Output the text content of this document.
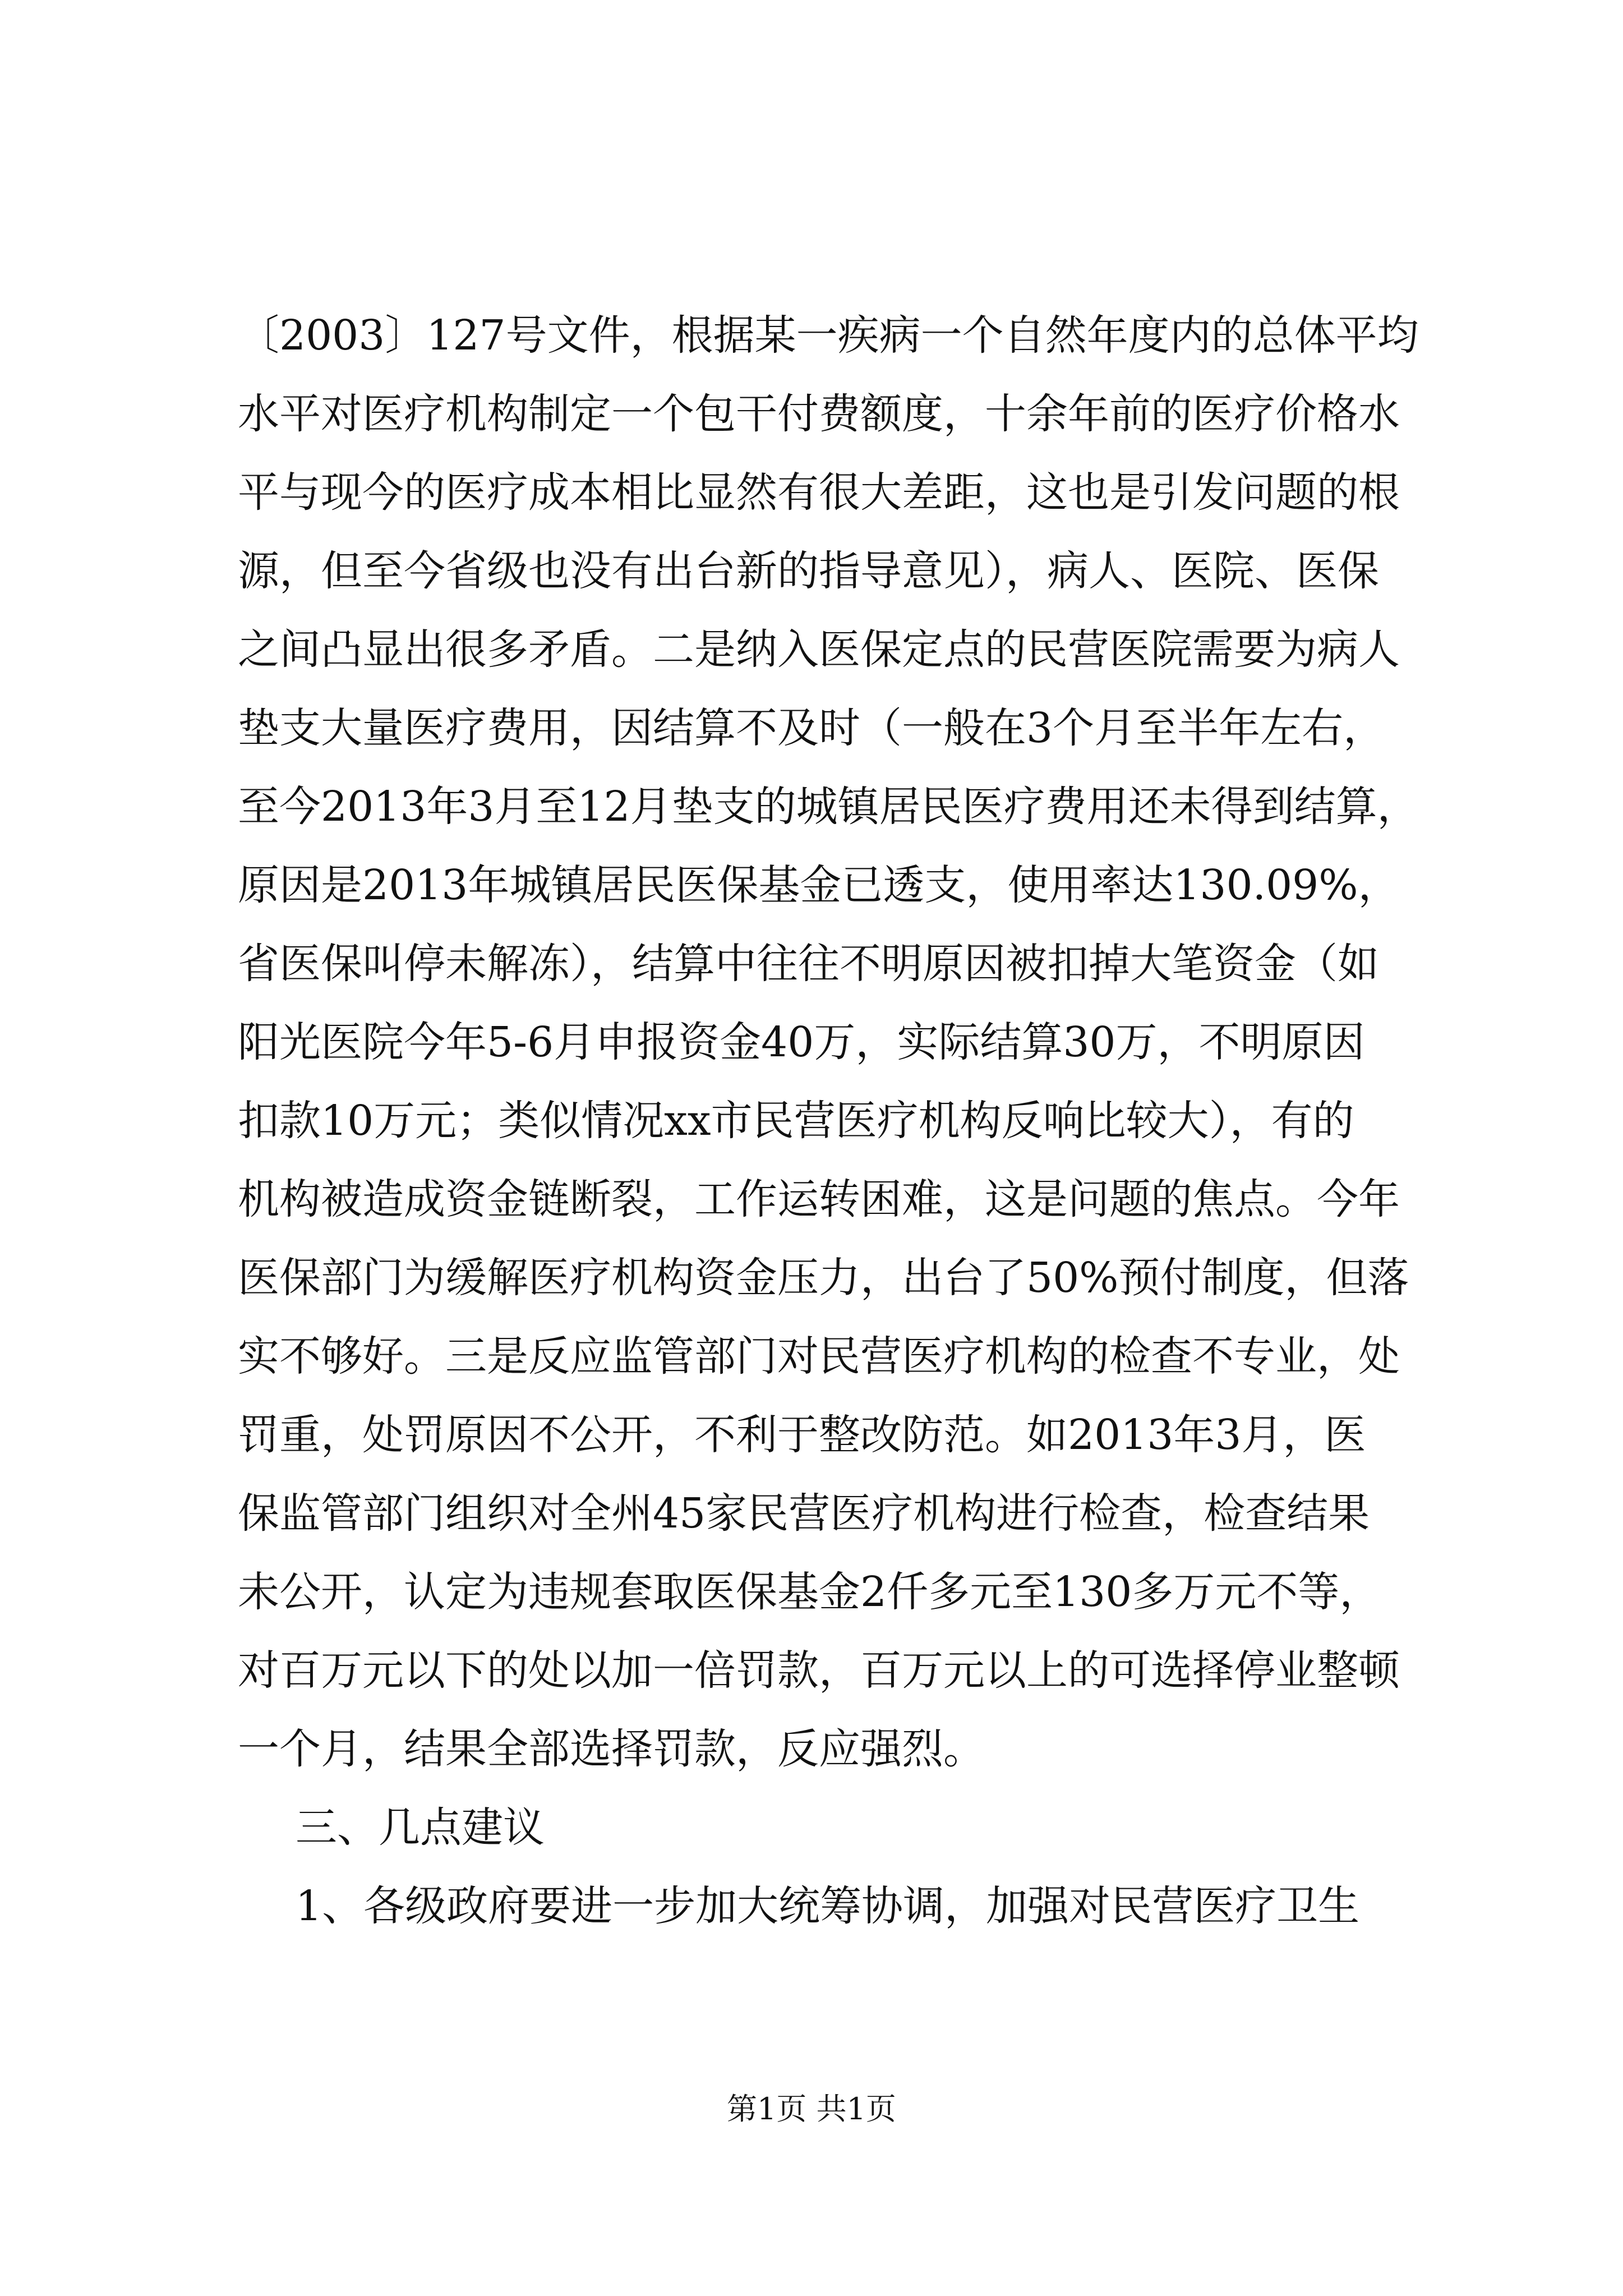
〔2003〕127号文件，根据某一疾病一个自然年度内的总体平均
水平对医疗机构制定一个包干付费额度，十余年前的医疗价格水
平与现今的医疗成本相比显然有很大差距，这也是引发问题的根
源，但至今省级也没有出台新的指导意见），病人、医院、医保
之间凸显出很多矛盾。二是纳入医保定点的民营医院需要为病人
垫支大量医疗费用，因结算不及时（一般在3个月至半年左右，
至今2013年3月至12月垫支的城镇居民医疗费用还未得到结算，
原因是2013年城镇居民医保基金已透支，使用率达130.09%，
省医保叫停未解冻），结算中往往不明原因被扣掉大笔资金（如
阳光医院今年5-6月申报资金40万，实际结算30万，不明原因
扣款10万元；类似情况xx市民营医疗机构反响比较大），有的
机构被造成资金链断裂，工作运转困难，这是问题的焦点。今年
医保部门为缓解医疗机构资金压力，出台了50%预付制度，但落
实不够好。三是反应监管部门对民营医疗机构的检查不专业，处
罚重，处罚原因不公开，不利于整改防范。如2013年3月，医
保监管部门组织对全州45家民营医疗机构进行检查，检查结果
未公开，认定为违规套取医保基金2仟多元至130多万元不等，
对百万元以下的处以加一倍罚款，百万元以上的可选择停业整顿
一个月，结果全部选择罚款，反应强烈。
三、几点建议
1、各级政府要进一步加大统筹协调，加强对民营医疗卫生
第1页 共1页
